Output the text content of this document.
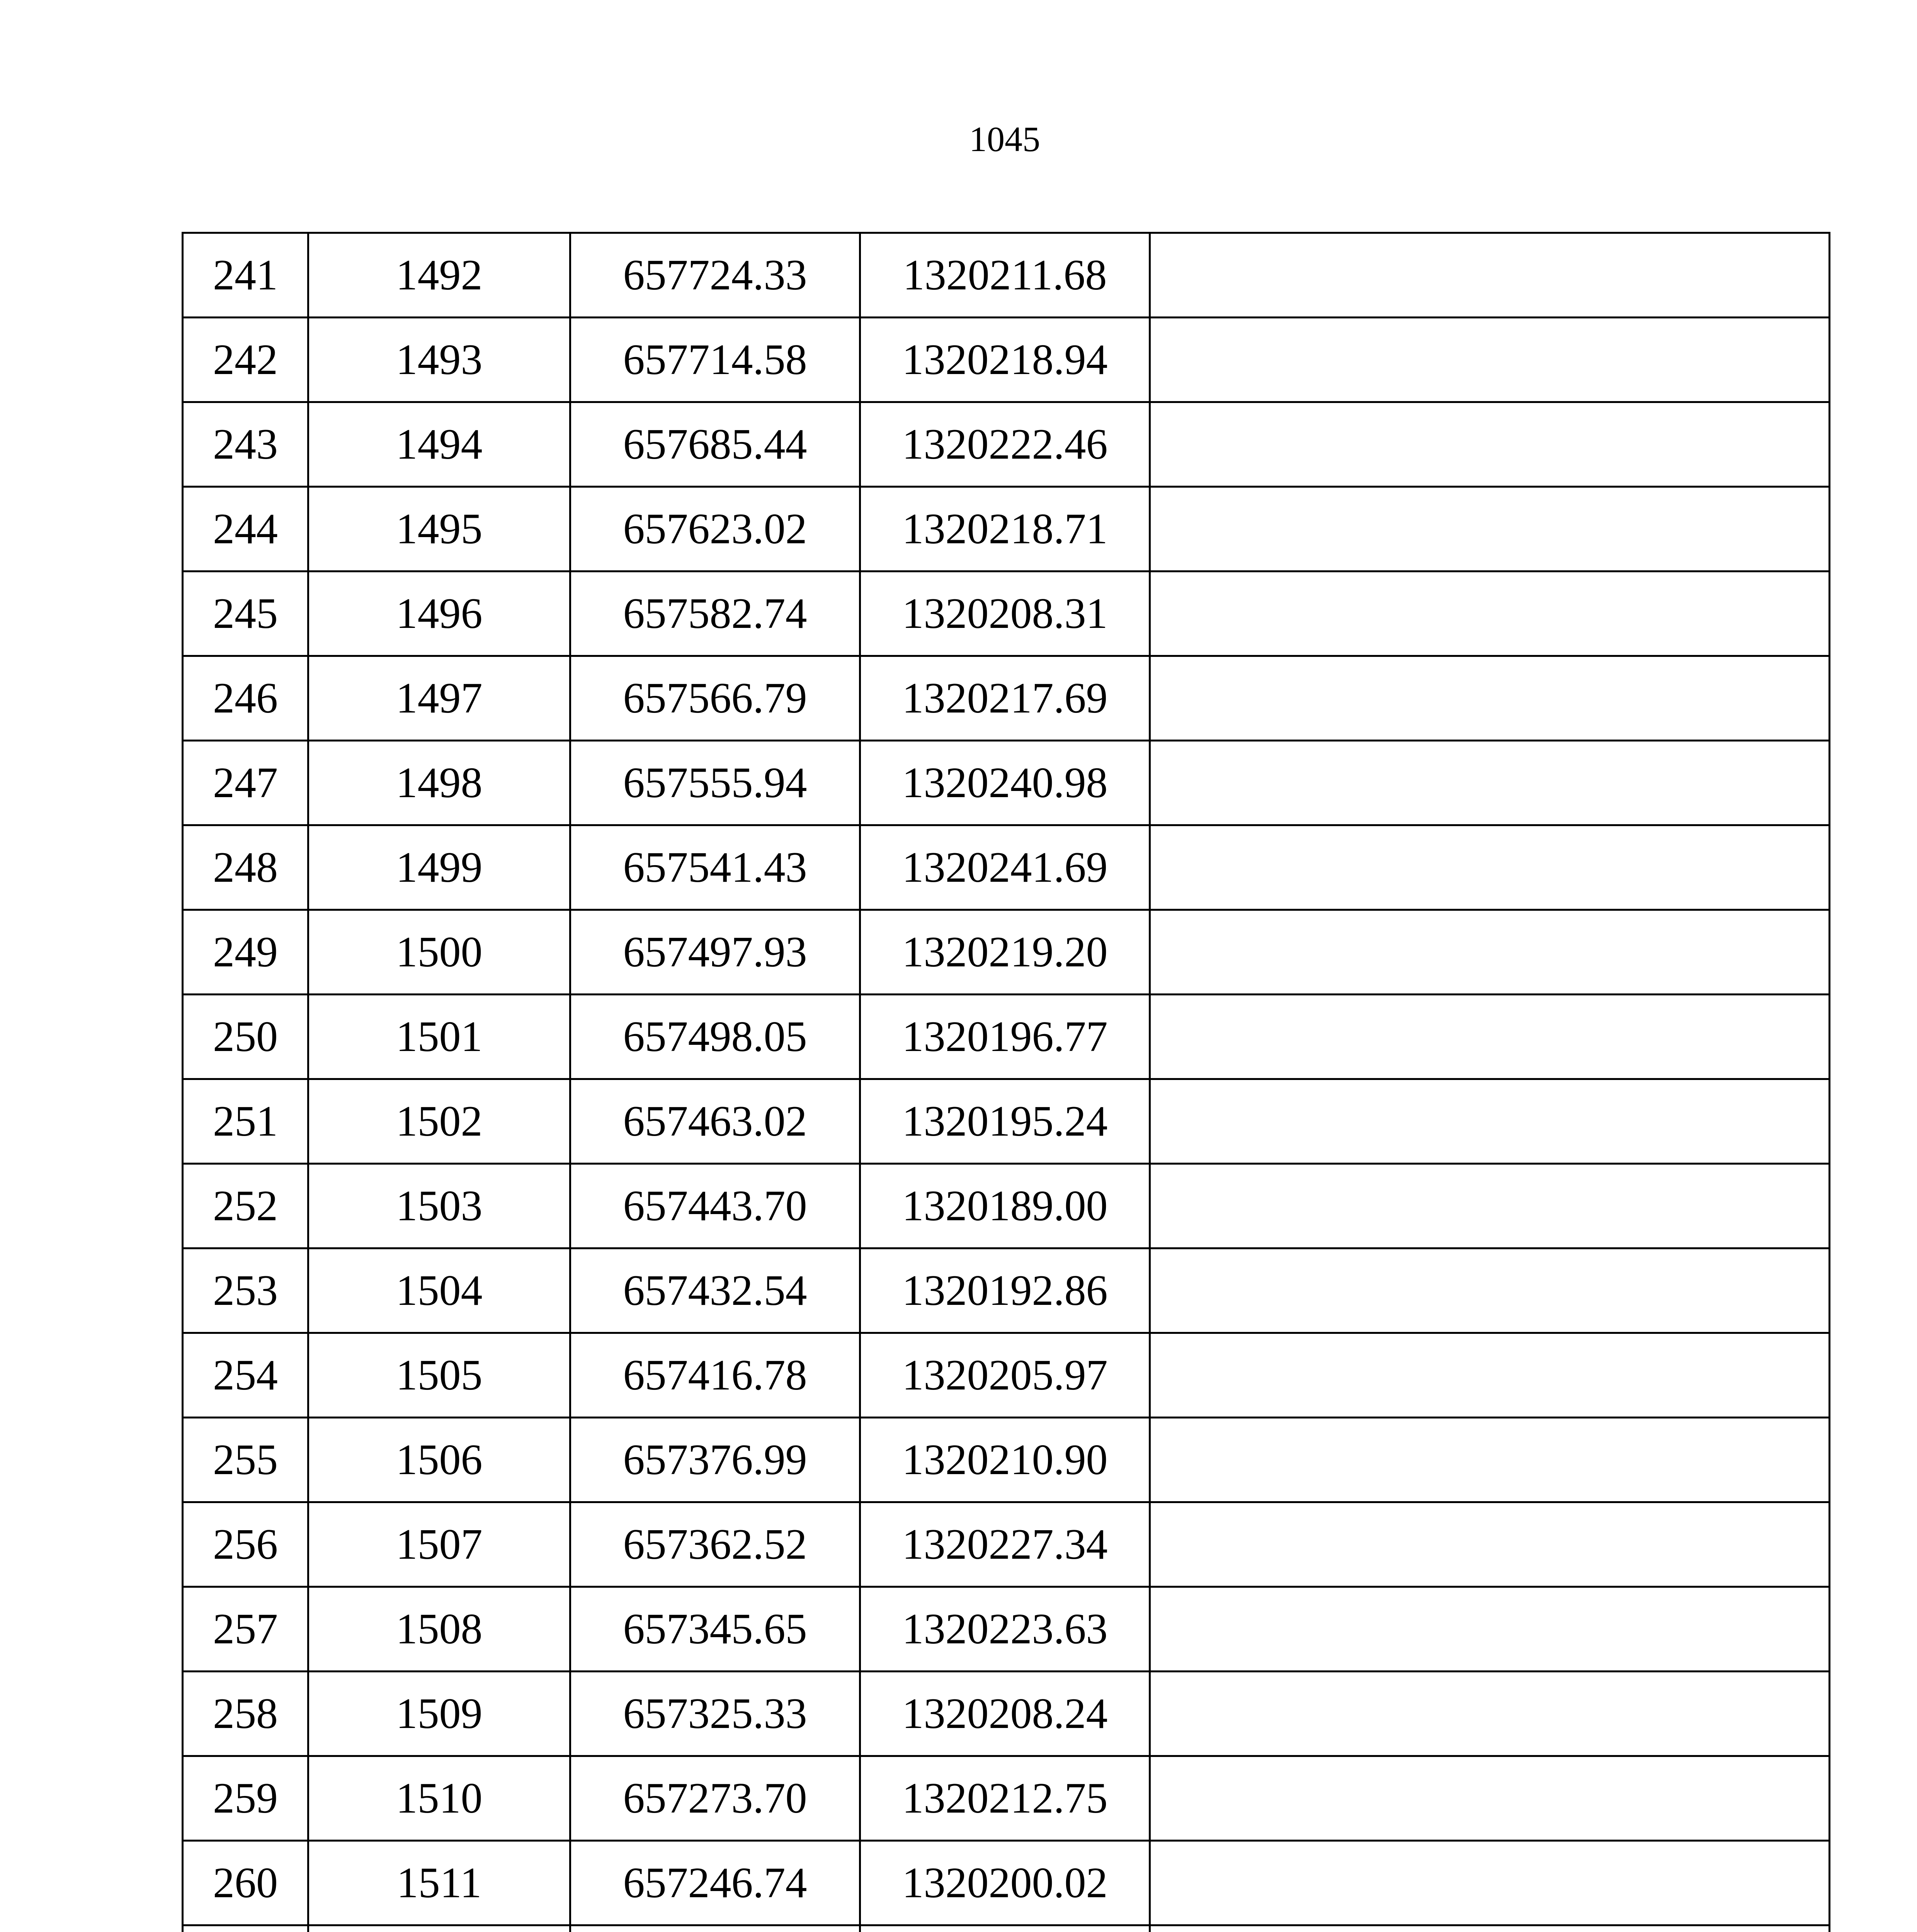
1045
241	1492	657724.33	1320211.68	
242	1493	657714.58	1320218.94	
243	1494	657685.44	1320222.46	
244	1495	657623.02	1320218.71	
245	1496	657582.74	1320208.31	
246	1497	657566.79	1320217.69	
247	1498	657555.94	1320240.98	
248	1499	657541.43	1320241.69	
249	1500	657497.93	1320219.20	
250	1501	657498.05	1320196.77	
251	1502	657463.02	1320195.24	
252	1503	657443.70	1320189.00	
253	1504	657432.54	1320192.86	
254	1505	657416.78	1320205.97	
255	1506	657376.99	1320210.90	
256	1507	657362.52	1320227.34	
257	1508	657345.65	1320223.63	
258	1509	657325.33	1320208.24	
259	1510	657273.70	1320212.75	
260	1511	657246.74	1320200.02	
